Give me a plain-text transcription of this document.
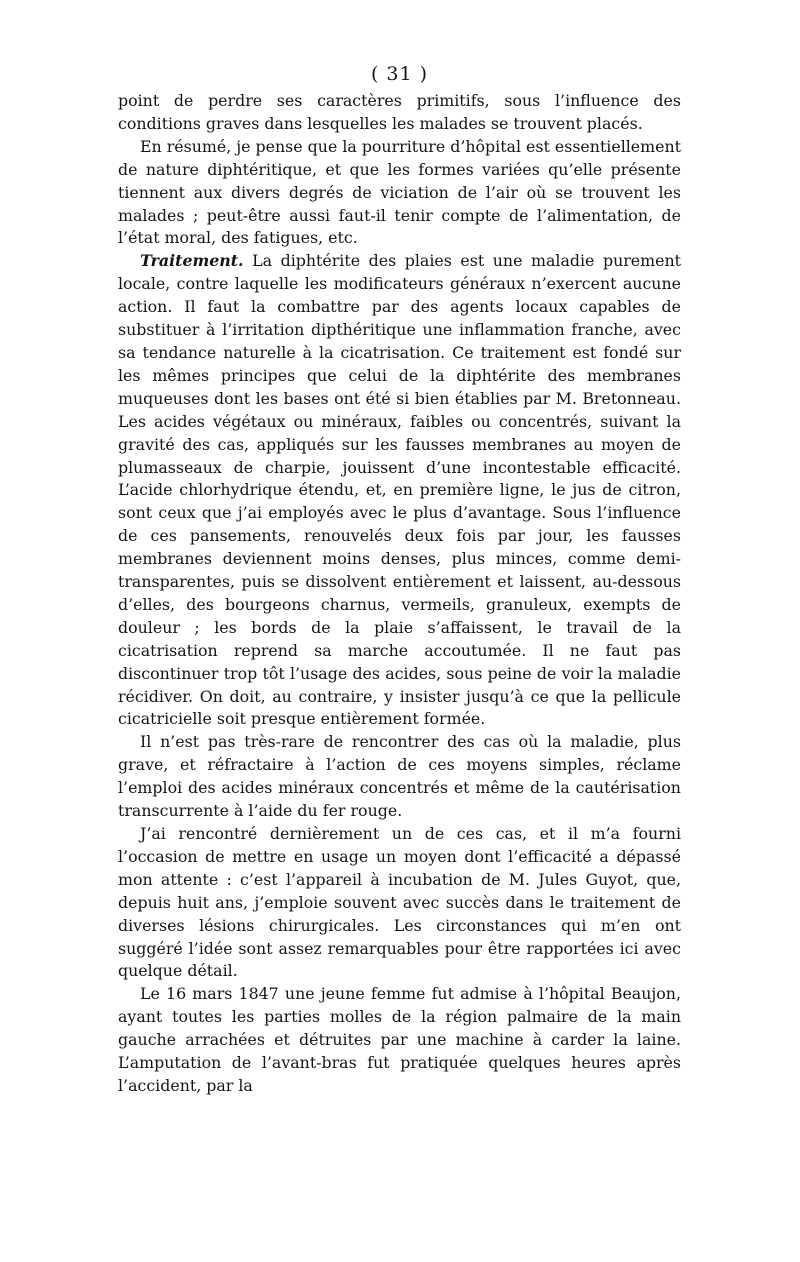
( 31 )

point de perdre ses caractères primitifs, sous l’influence des conditions graves dans lesquelles les malades se trouvent placés.

En résumé, je pense que la pourriture d’hôpital est essentiellement de nature diphtéritique, et que les formes variées qu’elle présente tiennent aux divers degrés de viciation de l’air où se trouvent les malades ; peut-être aussi faut-il tenir compte de l’alimentation, de l’état moral, des fatigues, etc.

Traitement. La diphtérite des plaies est une maladie purement locale, contre laquelle les modificateurs généraux n’exercent aucune action. Il faut la combattre par des agents locaux capables de substituer à l’irritation dipthéritique une inflammation franche, avec sa tendance naturelle à la cicatrisation. Ce traitement est fondé sur les mêmes principes que celui de la diphtérite des membranes muqueuses dont les bases ont été si bien établies par M. Bretonneau. Les acides végétaux ou minéraux, faibles ou concentrés, suivant la gravité des cas, appliqués sur les fausses membranes au moyen de plumasseaux de charpie, jouissent d’une incontestable efficacité. L’acide chlorhydrique étendu, et, en première ligne, le jus de citron, sont ceux que j’ai employés avec le plus d’avantage. Sous l’influence de ces pansements, renouvelés deux fois par jour, les fausses membranes deviennent moins denses, plus minces, comme demi-transparentes, puis se dissolvent entièrement et laissent, au-dessous d’elles, des bourgeons charnus, vermeils, granuleux, exempts de douleur ; les bords de la plaie s’affaissent, le travail de la cicatrisation reprend sa marche accoutumée. Il ne faut pas discontinuer trop tôt l’usage des acides, sous peine de voir la maladie récidiver. On doit, au contraire, y insister jusqu’à ce que la pellicule cicatricielle soit presque entièrement formée.

Il n’est pas très-rare de rencontrer des cas où la maladie, plus grave, et réfractaire à l’action de ces moyens simples, réclame l’emploi des acides minéraux concentrés et même de la cautérisation transcurrente à l’aide du fer rouge.

J’ai rencontré dernièrement un de ces cas, et il m’a fourni l’occasion de mettre en usage un moyen dont l’efficacité a dépassé mon attente : c’est l’appareil à incubation de M. Jules Guyot, que, depuis huit ans, j’emploie souvent avec succès dans le traitement de diverses lésions chirurgicales. Les circonstances qui m’en ont suggéré l’idée sont assez remarquables pour être rapportées ici avec quelque détail.

Le 16 mars 1847 une jeune femme fut admise à l’hôpital Beaujon, ayant toutes les parties molles de la région palmaire de la main gauche arrachées et détruites par une machine à carder la laine. L’amputation de l’avant-bras fut pratiquée quelques heures après l’accident, par la
